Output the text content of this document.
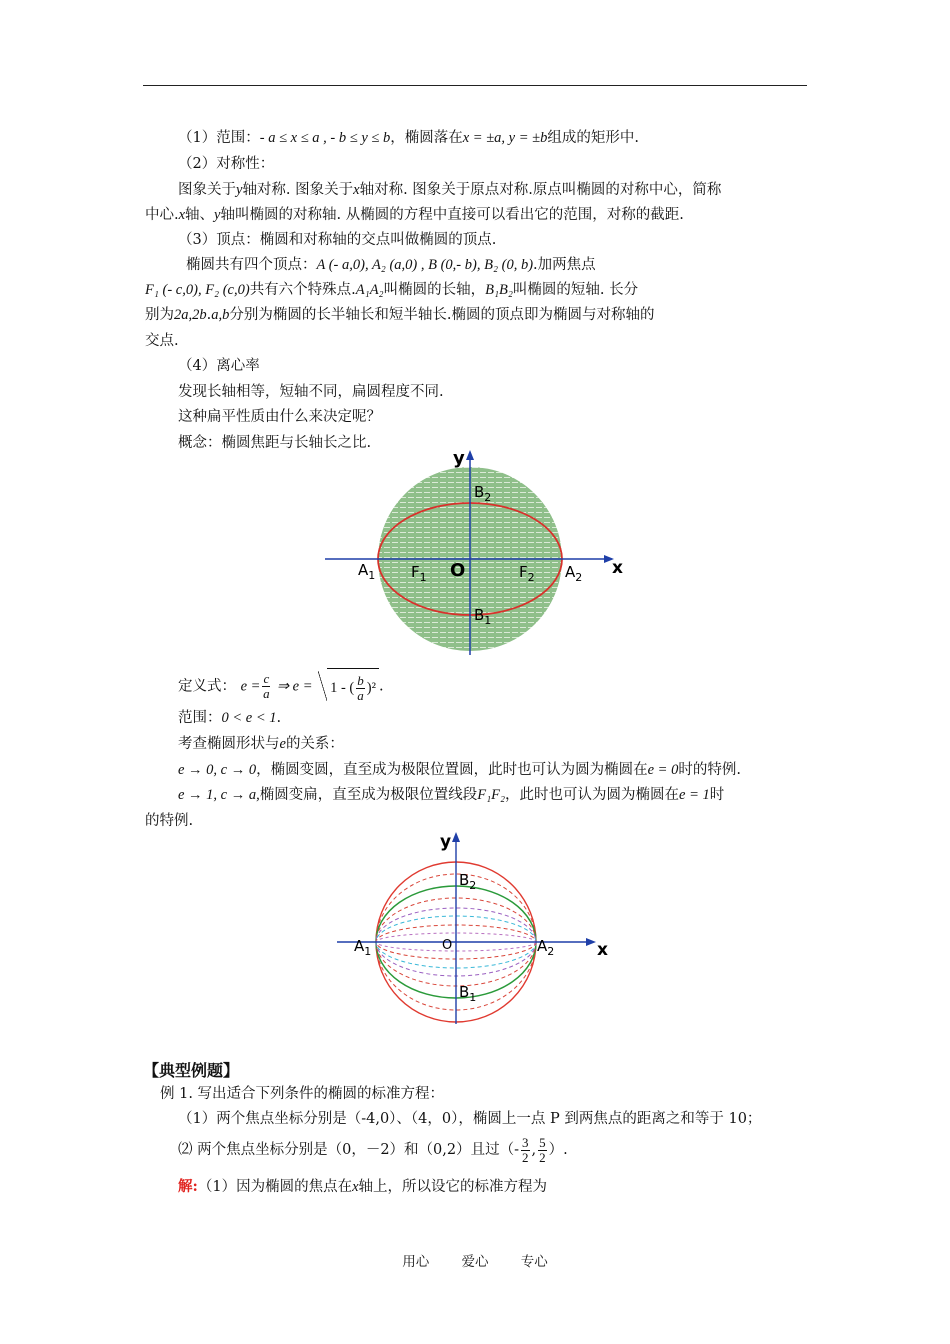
（1）范围：- a ≤ x ≤ a , - b ≤ y ≤ b，椭圆落在x = ±a, y = ±b组成的矩形中.
（2）对称性：
图象关于y轴对称. 图象关于x轴对称. 图象关于原点对称.原点叫椭圆的对称中心，简称
中心.x轴、y轴叫椭圆的对称轴. 从椭圆的方程中直接可以看出它的范围，对称的截距.
（3）顶点：椭圆和对称轴的交点叫做椭圆的顶点.
椭圆共有四个顶点：A (- a,0), A₂ (a,0) , B (0,- b), B₂ (0, b).加两焦点
F₁ (- c,0), F₂ (c,0)共有六个特殊点.A₁A₂叫椭圆的长轴，B₁B₂叫椭圆的短轴. 长分
别为2a,2b.a,b分别为椭圆的长半轴长和短半轴长.椭圆的顶点即为椭圆与对称轴的
交点.
（4）离心率
发现长轴相等，短轴不同，扁圆程度不同.
这种扁平性质由什么来决定呢？
概念：椭圆焦距与长轴长之比.
y
x
O
$B_2$
$B_1$
$A_1$	$A_2$
$F_1$	$F_2$
定义式： $e = \frac{c}{a}$ ⇒ e = 1 - ( $\frac{b}{a} )^2$ .
范围：0 < e < 1.
考查椭圆形状与e的关系：
e → 0, c → 0，椭圆变圆，直至成为极限位置圆，此时也可认为圆为椭圆在e = 0时的特例.
e → 1, c → a,椭圆变扁，直至成为极限位置线段F₁F₂，此时也可认为圆为椭圆在e = 1时
的特例.
y
x
O
$B_2$
$B_1$
$A_1$	$A_2$
【典型例题】
例 1. 写出适合下列条件的椭圆的标准方程：
（1）两个焦点坐标分别是（-4,0）、（4，0），椭圆上一点 P 到两焦点的距离之和等于 10；
⑵ 两个焦点坐标分别是（0，－2）和（0,2）且过（- $\frac{3}{2}$ , $\frac{5}{2}$ ）.
解:（1）因为椭圆的焦点在x轴上，所以设它的标准方程为
用心 爱心 专心
